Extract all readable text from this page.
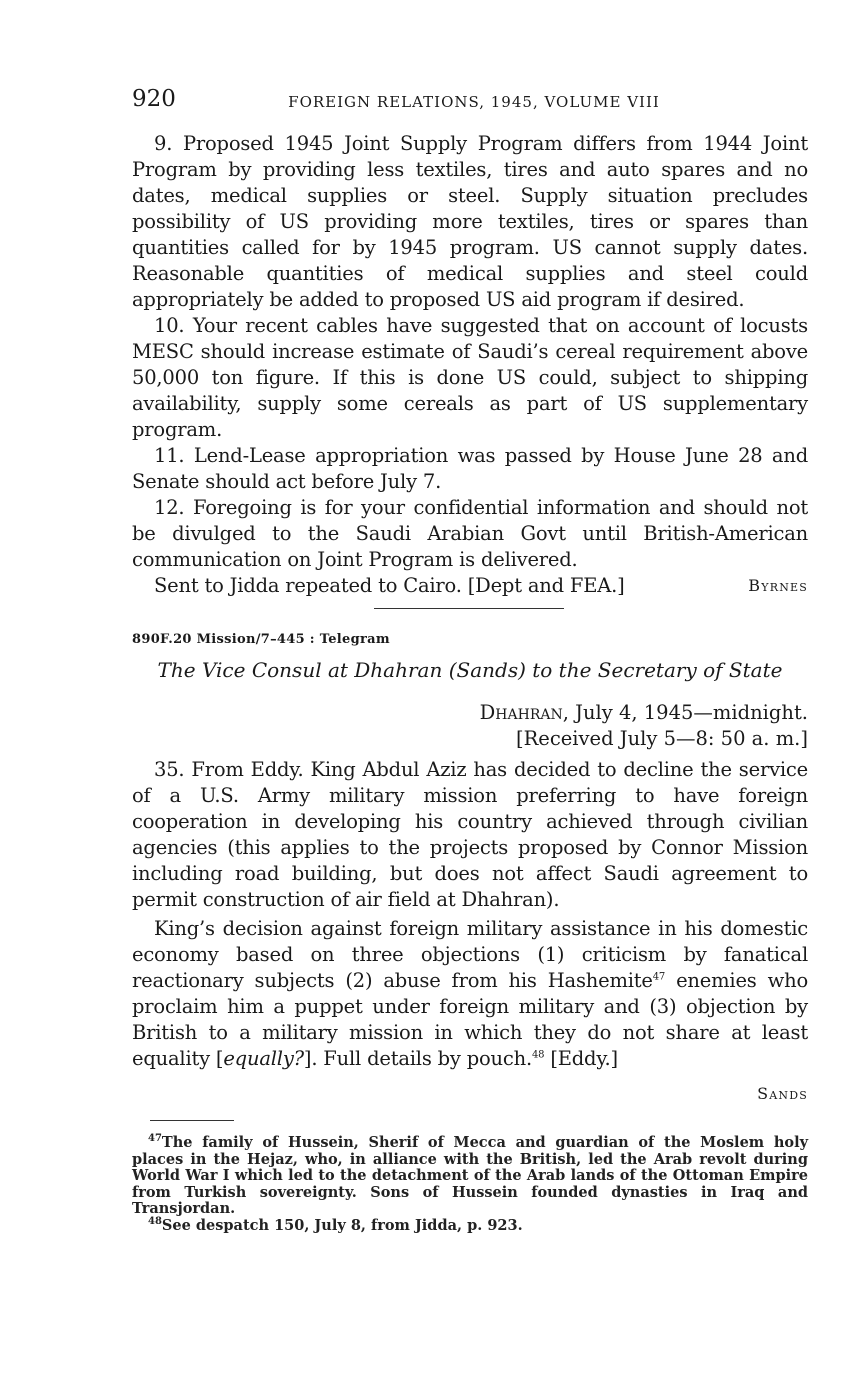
920	FOREIGN RELATIONS, 1945, VOLUME VIII

9. Proposed 1945 Joint Supply Program differs from 1944 Joint Program by providing less textiles, tires and auto spares and no dates, medical supplies or steel. Supply situation precludes possibility of US providing more textiles, tires or spares than quantities called for by 1945 program. US cannot supply dates. Reasonable quantities of medical supplies and steel could appropriately be added to proposed US aid program if desired.

10. Your recent cables have suggested that on account of locusts MESC should increase estimate of Saudi’s cereal requirement above 50,000 ton figure. If this is done US could, subject to shipping availability, supply some cereals as part of US supplementary program.

11. Lend-Lease appropriation was passed by House June 28 and Senate should act before July 7.

12. Foregoing is for your confidential information and should not be divulged to the Saudi Arabian Govt until British-American communication on Joint Program is delivered.

Sent to Jidda repeated to Cairo. [Dept and FEA.]	Byrnes
890F.20 Mission/7–445 : Telegram
The Vice Consul at Dhahran (Sands) to the Secretary of State
Dhahran, July 4, 1945—midnight.
[Received July 5—8: 50 a. m.]

35. From Eddy. King Abdul Aziz has decided to decline the service of a U.S. Army military mission preferring to have foreign cooperation in developing his country achieved through civilian agencies (this applies to the projects proposed by Connor Mission including road building, but does not affect Saudi agreement to permit construction of air field at Dhahran).

King’s decision against foreign military assistance in his domestic economy based on three objections (1) criticism by fanatical reactionary subjects (2) abuse from his Hashemite$^{47}$ enemies who proclaim him a puppet under foreign military and (3) objection by British to a military mission in which they do not share at least equality [equally?]. Full details by pouch.$^{48}$ [Eddy.]

Sands

$^{47}$The family of Hussein, Sherif of Mecca and guardian of the Moslem holy places in the Hejaz, who, in alliance with the British, led the Arab revolt during World War I which led to the detachment of the Arab lands of the Ottoman Empire from Turkish sovereignty. Sons of Hussein founded dynasties in Iraq and Transjordan.

$^{48}$See despatch 150, July 8, from Jidda, p. 923.
